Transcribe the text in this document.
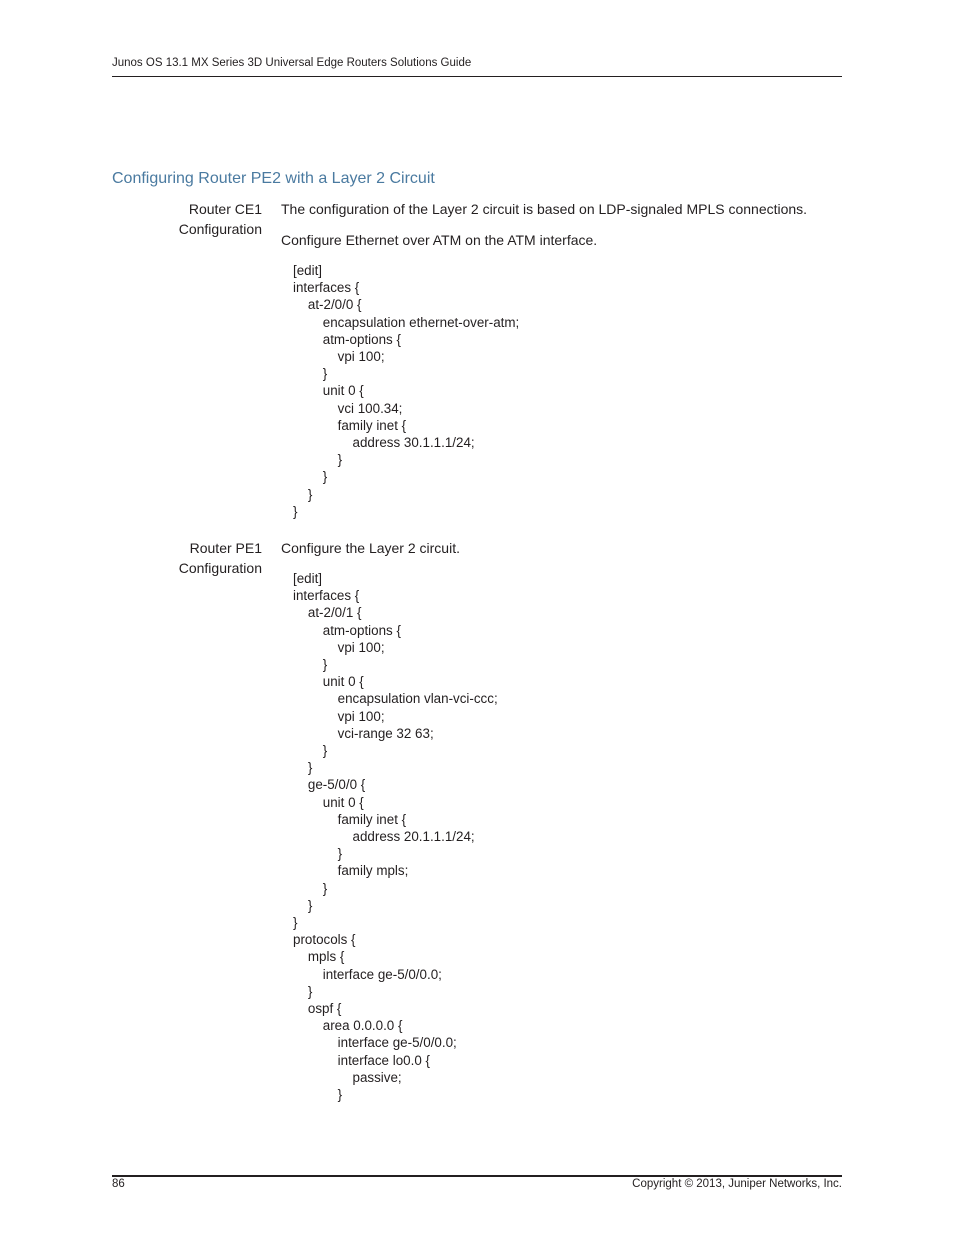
Junos OS 13.1 MX Series 3D Universal Edge Routers Solutions Guide
Configuring Router PE2 with a Layer 2 Circuit
Router CE1
Configuration
The configuration of the Layer 2 circuit is based on LDP-signaled MPLS connections.
Configure Ethernet over ATM on the ATM interface.
[edit]
interfaces {
at-2/0/0 {
encapsulation ethernet-over-atm;
atm-options {
vpi 100;
}
unit 0 {
vci 100.34;
family inet {
address 30.1.1.1/24;
}
}
}
}
Router PE1
Configuration
Configure the Layer 2 circuit.
[edit]
interfaces {
at-2/0/1 {
atm-options {
vpi 100;
}
unit 0 {
encapsulation vlan-vci-ccc;
vpi 100;
vci-range 32 63;
}
}
ge-5/0/0 {
unit 0 {
family inet {
address 20.1.1.1/24;
}
family mpls;
}
}
}
protocols {
mpls {
interface ge-5/0/0.0;
}
ospf {
area 0.0.0.0 {
interface ge-5/0/0.0;
interface lo0.0 {
passive;
}
86	Copyright © 2013, Juniper Networks, Inc.
